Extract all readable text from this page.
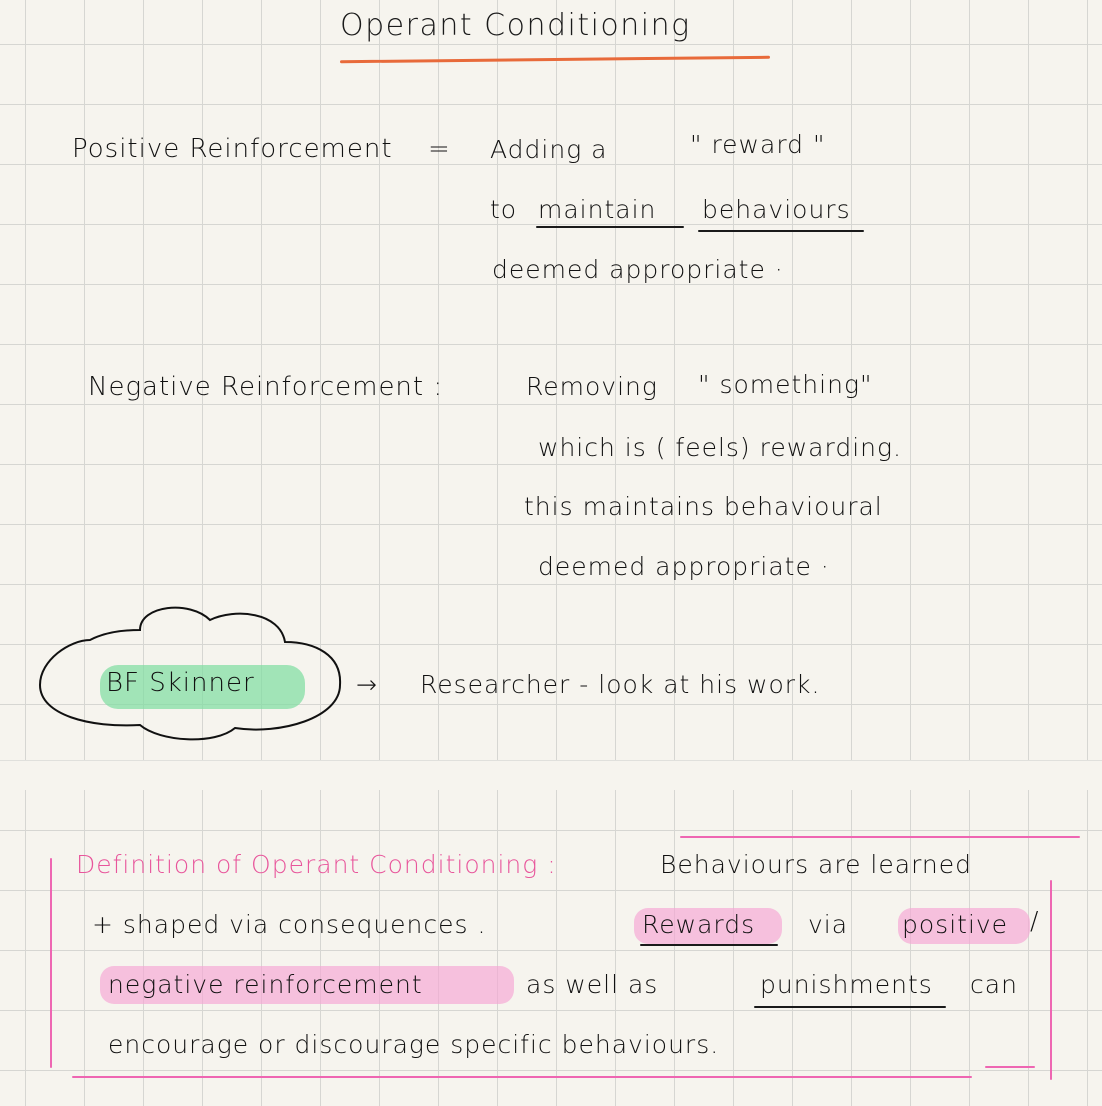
Operant Conditioning
Positive Reinforcement = Adding a	" reward "
to maintain behaviours
deemed appropriate ·
Negative Reinforcement :	Removing " something"
which is ( feels) rewarding.
this maintains behavioural
deemed appropriate ·
BF Skinner	→ Researcher - look at his work.
Definition of Operant Conditioning :	Behaviours are learned
+ shaped via consequences .	Rewards via positive /
negative reinforcement	as well as	punishments can
encourage or discourage specific behaviours.
